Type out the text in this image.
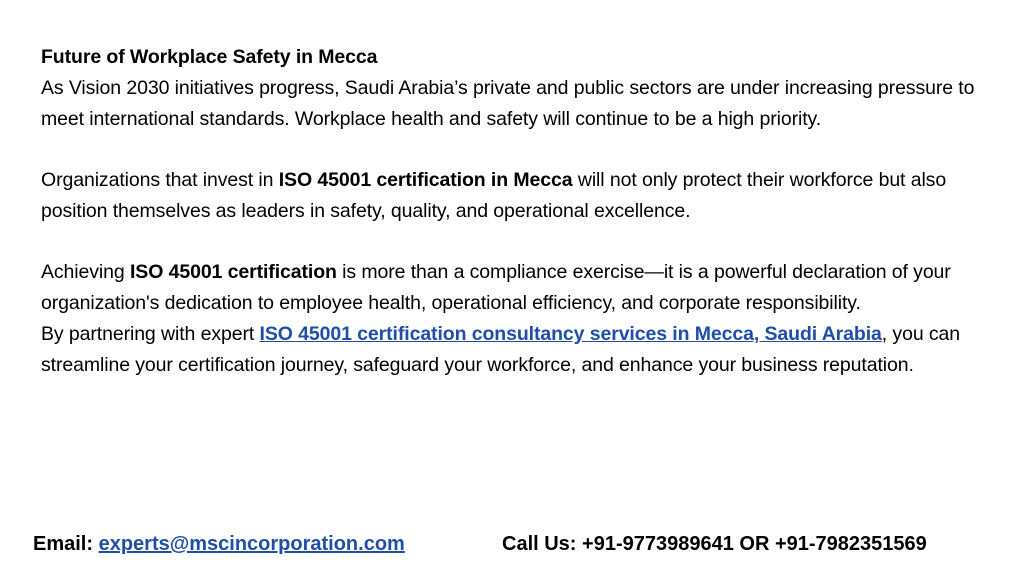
Future of Workplace Safety in Mecca

As Vision 2030 initiatives progress, Saudi Arabia’s private and public sectors are under increasing pressure to meet international standards. Workplace health and safety will continue to be a high priority.

Organizations that invest in ISO 45001 certification in Mecca will not only protect their workforce but also position themselves as leaders in safety, quality, and operational excellence.

Achieving ISO 45001 certification is more than a compliance exercise—it is a powerful declaration of your organization's dedication to employee health, operational efficiency, and corporate responsibility.

By partnering with expert ISO 45001 certification consultancy services in Mecca, Saudi Arabia, you can streamline your certification journey, safeguard your workforce, and enhance your business reputation.

Email: experts@mscincorporation.com	Call Us: +91-9773989641 OR +91-7982351569
